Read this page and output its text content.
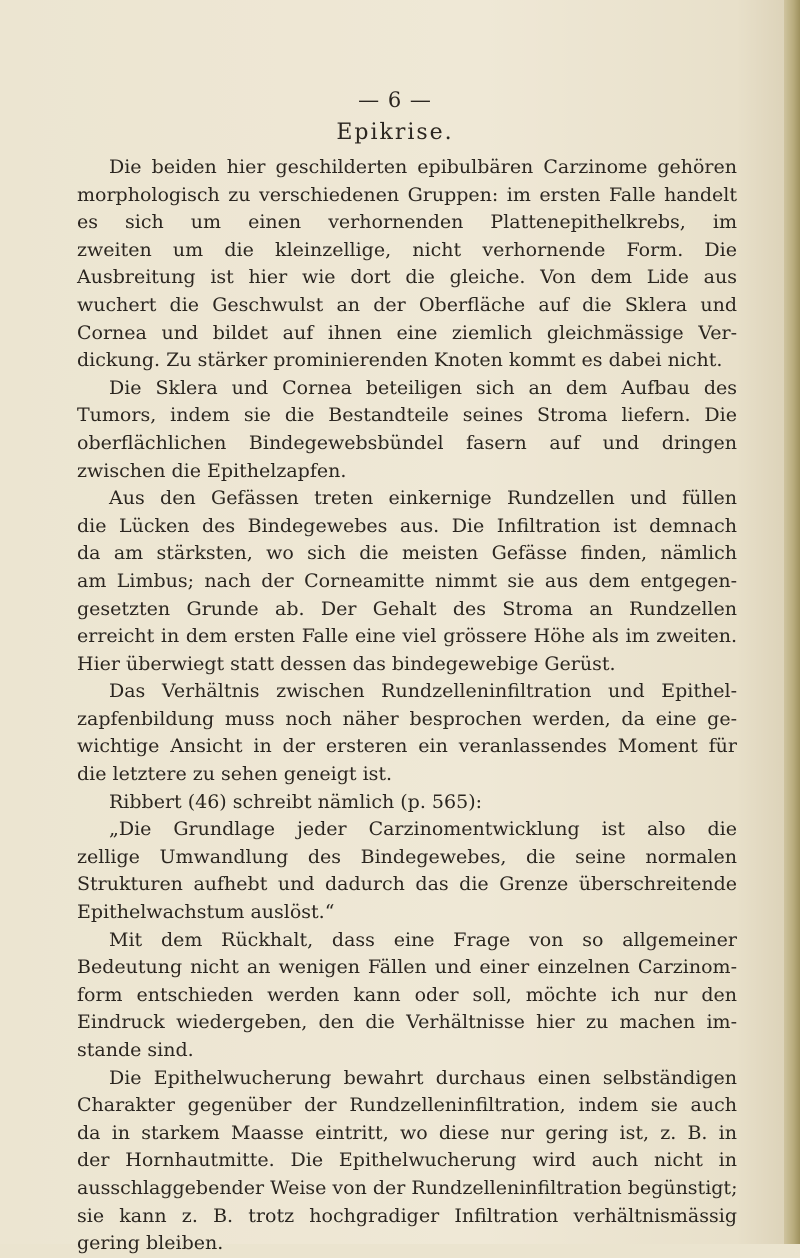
— 6 —
Epikrise.
Die beiden hier geschilderten epibulbären Carzinome gehören
morphologisch zu verschiedenen Gruppen: im ersten Falle handelt
es sich um einen verhornenden Plattenepithelkrebs, im
zweiten um die kleinzellige, nicht verhornende Form. Die
Ausbreitung ist hier wie dort die gleiche. Von dem Lide aus
wuchert die Geschwulst an der Oberfläche auf die Sklera und
Cornea und bildet auf ihnen eine ziemlich gleichmässige Ver-
dickung. Zu stärker prominierenden Knoten kommt es dabei nicht.
Die Sklera und Cornea beteiligen sich an dem Aufbau des
Tumors, indem sie die Bestandteile seines Stroma liefern. Die
oberflächlichen Bindegewebsbündel fasern auf und dringen
zwischen die Epithelzapfen.
Aus den Gefässen treten einkernige Rundzellen und füllen
die Lücken des Bindegewebes aus. Die Infiltration ist demnach
da am stärksten, wo sich die meisten Gefässe finden, nämlich
am Limbus; nach der Corneamitte nimmt sie aus dem entgegen-
gesetzten Grunde ab. Der Gehalt des Stroma an Rundzellen
erreicht in dem ersten Falle eine viel grössere Höhe als im zweiten.
Hier überwiegt statt dessen das bindegewebige Gerüst.
Das Verhältnis zwischen Rundzelleninfiltration und Epithel-
zapfenbildung muss noch näher besprochen werden, da eine ge-
wichtige Ansicht in der ersteren ein veranlassendes Moment für
die letztere zu sehen geneigt ist.
Ribbert (46) schreibt nämlich (p. 565):
„Die Grundlage jeder Carzinomentwicklung ist also die
zellige Umwandlung des Bindegewebes, die seine normalen
Strukturen aufhebt und dadurch das die Grenze überschreitende
Epithelwachstum auslöst.“
Mit dem Rückhalt, dass eine Frage von so allgemeiner
Bedeutung nicht an wenigen Fällen und einer einzelnen Carzinom-
form entschieden werden kann oder soll, möchte ich nur den
Eindruck wiedergeben, den die Verhältnisse hier zu machen im-
stande sind.
Die Epithelwucherung bewahrt durchaus einen selbständigen
Charakter gegenüber der Rundzelleninfiltration, indem sie auch
da in starkem Maasse eintritt, wo diese nur gering ist, z. B. in
der Hornhautmitte. Die Epithelwucherung wird auch nicht in
ausschlaggebender Weise von der Rundzelleninfiltration begünstigt;
sie kann z. B. trotz hochgradiger Infiltration verhältnismässig
gering bleiben.
